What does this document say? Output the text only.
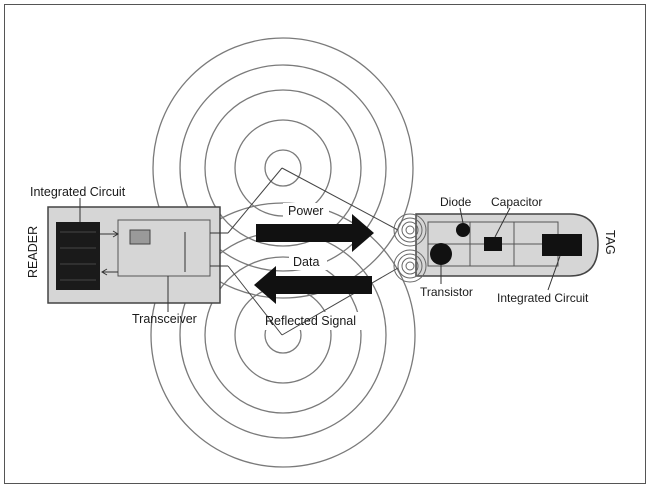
Integrated Circuit
READER
Transceiver
Power
Data
Reflected Signal
Diode Capacitor
Transistor Integrated Circuit
TAG
